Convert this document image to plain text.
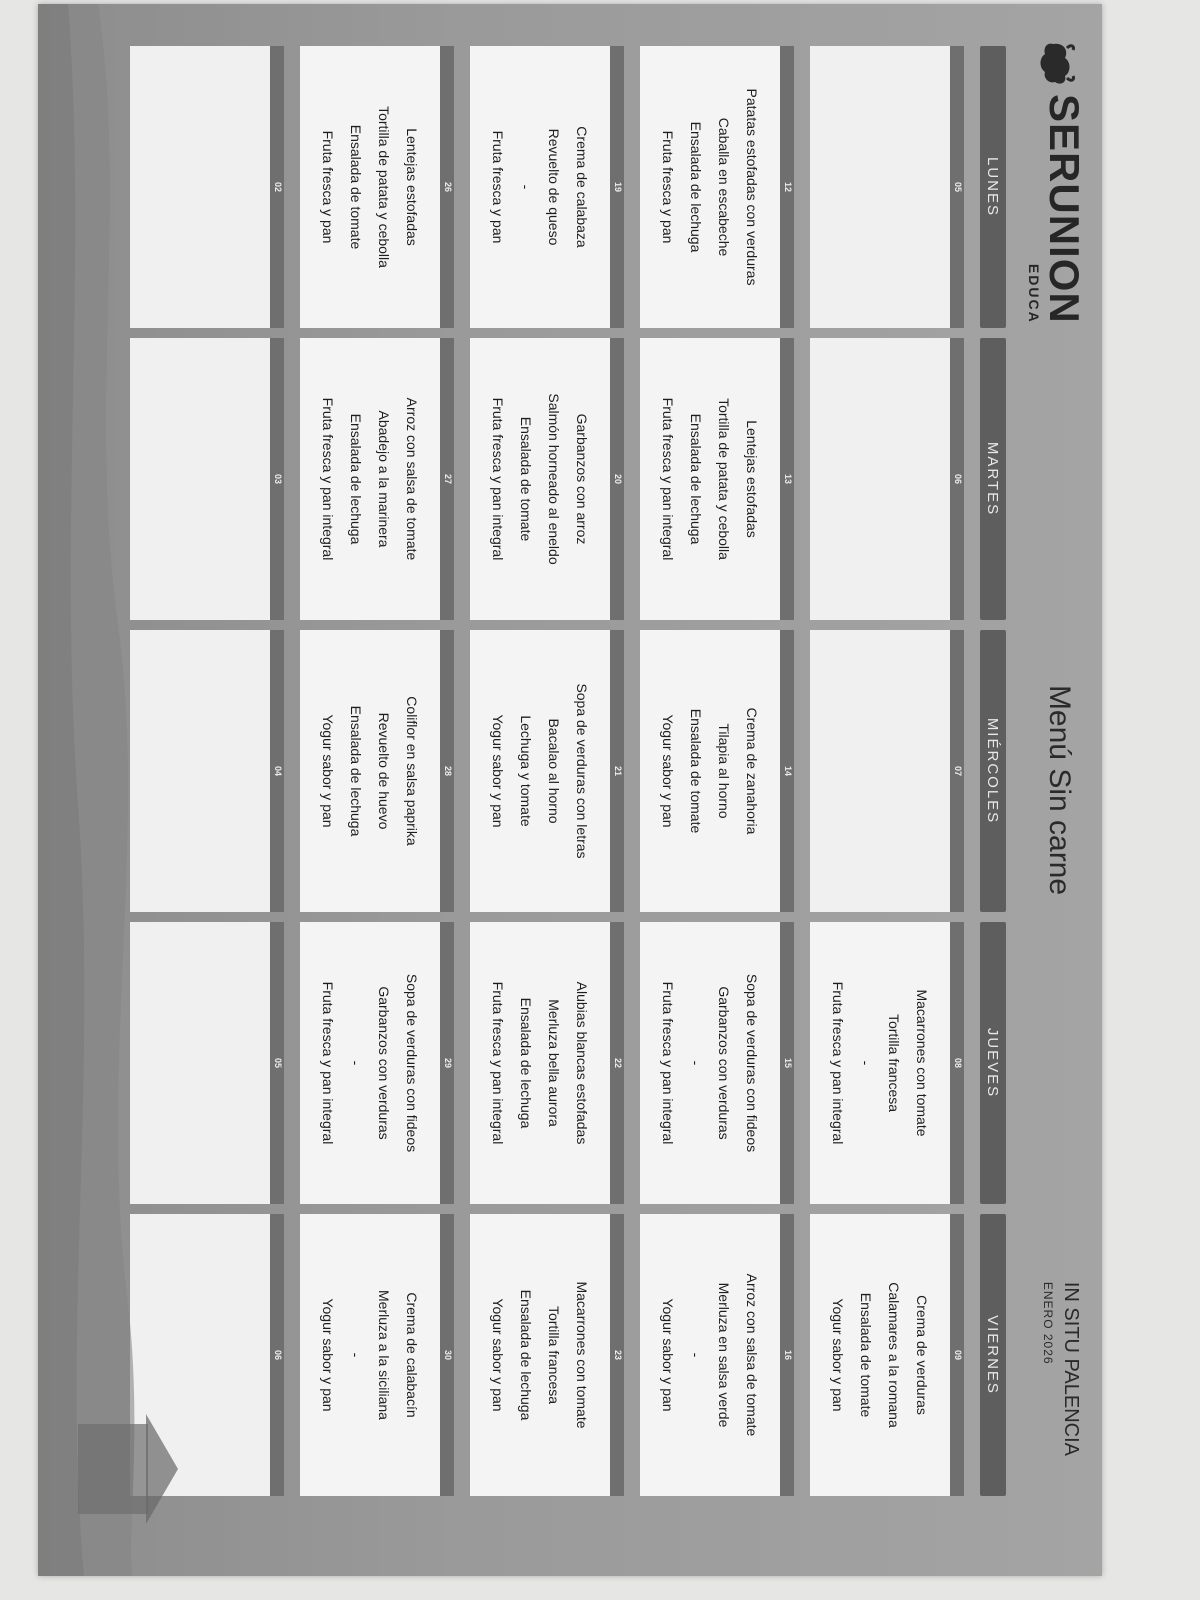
SERUNION
EDUCA
Menú Sin carne
IN SITU PALENCIA
ENERO 2026
LUNES
MARTES
MIÉRCOLES
JUEVES
VIERNES
05
06
07
08
Macarrones con tomate
Tortilla francesa
-
Fruta fresca y pan integral
09
Crema de verduras
Calamares a la romana
Ensalada de tomate
Yogur sabor y pan
12
Patatas estofadas con verduras
Caballa en escabeche
Ensalada de lechuga
Fruta fresca y pan
13
Lentejas estofadas
Tortilla de patata y cebolla
Ensalada de lechuga
Fruta fresca y pan integral
14
Crema de zanahoria
Tilapia al horno
Ensalada de tomate
Yogur sabor y pan
15
Sopa de verduras con fideos
Garbanzos con verduras
-
Fruta fresca y pan integral
16
Arroz con salsa de tomate
Merluza en salsa verde
-
Yogur sabor y pan
19
Crema de calabaza
Revuelto de queso
-
Fruta fresca y pan
20
Garbanzos con arroz
Salmón horneado al eneldo
Ensalada de tomate
Fruta fresca y pan integral
21
Sopa de verduras con letras
Bacalao al horno
Lechuga y tomate
Yogur sabor y pan
22
Alubias blancas estofadas
Merluza bella aurora
Ensalada de lechuga
Fruta fresca y pan integral
23
Macarrones con tomate
Tortilla francesa
Ensalada de lechuga
Yogur sabor y pan
26
Lentejas estofadas
Tortilla de patata y cebolla
Ensalada de tomate
Fruta fresca y pan
27
Arroz con salsa de tomate
Abadejo a la marinera
Ensalada de lechuga
Fruta fresca y pan integral
28
Coliflor en salsa paprika
Revuelto de huevo
Ensalada de lechuga
Yogur sabor y pan
29
Sopa de verduras con fideos
Garbanzos con verduras
-
Fruta fresca y pan integral
30
Crema de calabacín
Merluza a la siciliana
-
Yogur sabor y pan
02
03
04
05
06
